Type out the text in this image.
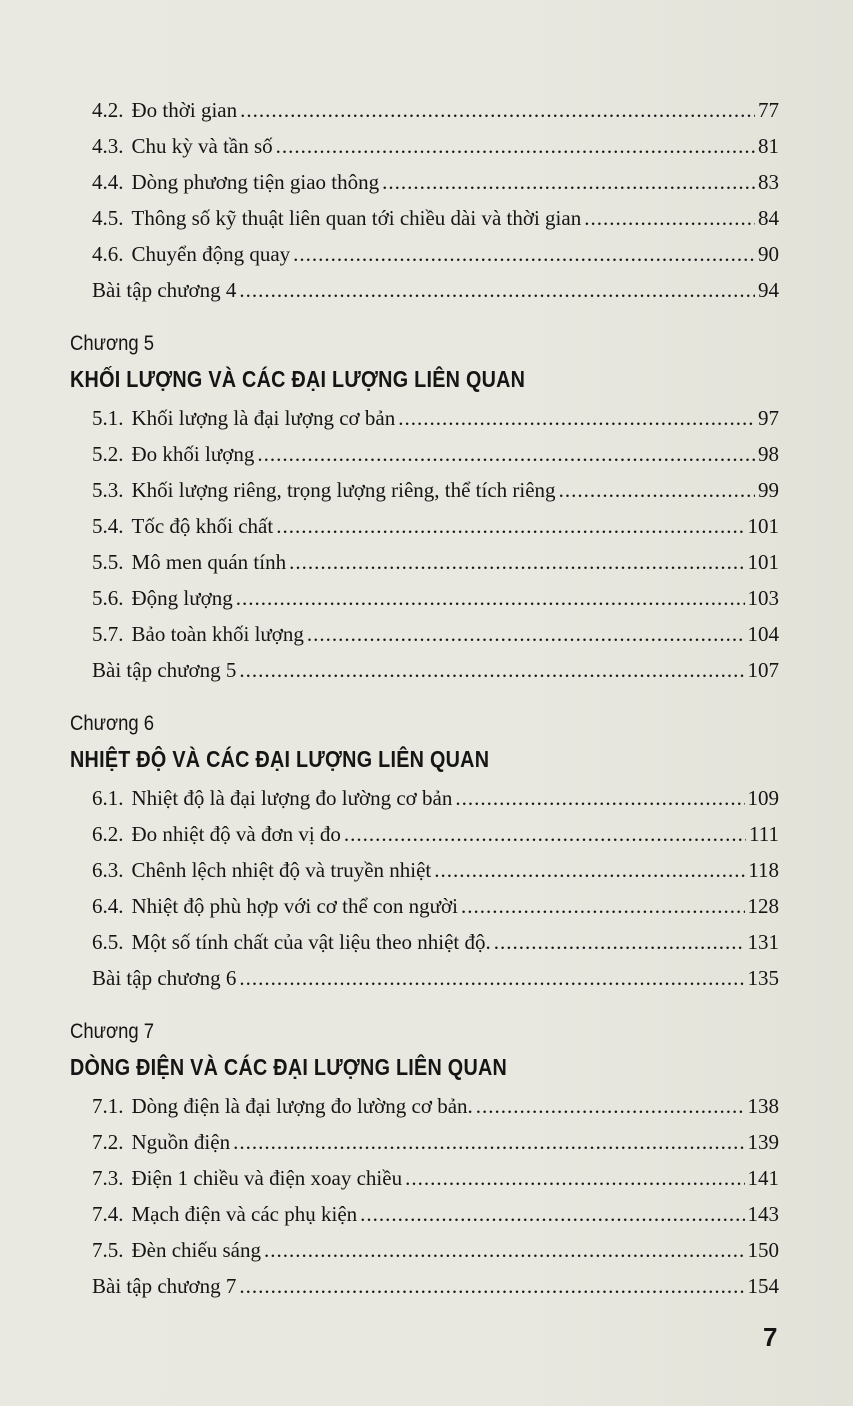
4.2. Đo thời gian .....	77
4.3. Chu kỳ và tần số .....	81
4.4. Dòng phương tiện giao thông .....	83
4.5. Thông số kỹ thuật liên quan tới chiều dài và thời gian .....	84
4.6. Chuyển động quay .....	90
Bài tập chương 4 .....	94
Chương 5
KHỐI LƯỢNG VÀ CÁC ĐẠI LƯỢNG LIÊN QUAN
5.1. Khối lượng là đại lượng cơ bản .....	97
5.2. Đo khối lượng .....	98
5.3. Khối lượng riêng, trọng lượng riêng, thể tích riêng .....	99
5.4. Tốc độ khối chất .....	101
5.5. Mô men quán tính .....	101
5.6. Động lượng .....	103
5.7. Bảo toàn khối lượng .....	104
Bài tập chương 5 .....	107
Chương 6
NHIỆT ĐỘ VÀ CÁC ĐẠI LƯỢNG LIÊN QUAN
6.1. Nhiệt độ là đại lượng đo lường cơ bản .....	109
6.2. Đo nhiệt độ và đơn vị đo .....	111
6.3. Chênh lệch nhiệt độ và truyền nhiệt .....	118
6.4. Nhiệt độ phù hợp với cơ thể con người .....	128
6.5. Một số tính chất của vật liệu theo nhiệt độ. .....	131
Bài tập chương 6 .....	135
Chương 7
DÒNG ĐIỆN VÀ CÁC ĐẠI LƯỢNG LIÊN QUAN
7.1. Dòng điện là đại lượng đo lường cơ bản. .....	138
7.2. Nguồn điện .....	139
7.3. Điện 1 chiều và điện xoay chiều .....	141
7.4. Mạch điện và các phụ kiện .....	143
7.5. Đèn chiếu sáng .....	150
Bài tập chương 7 .....	154
7
